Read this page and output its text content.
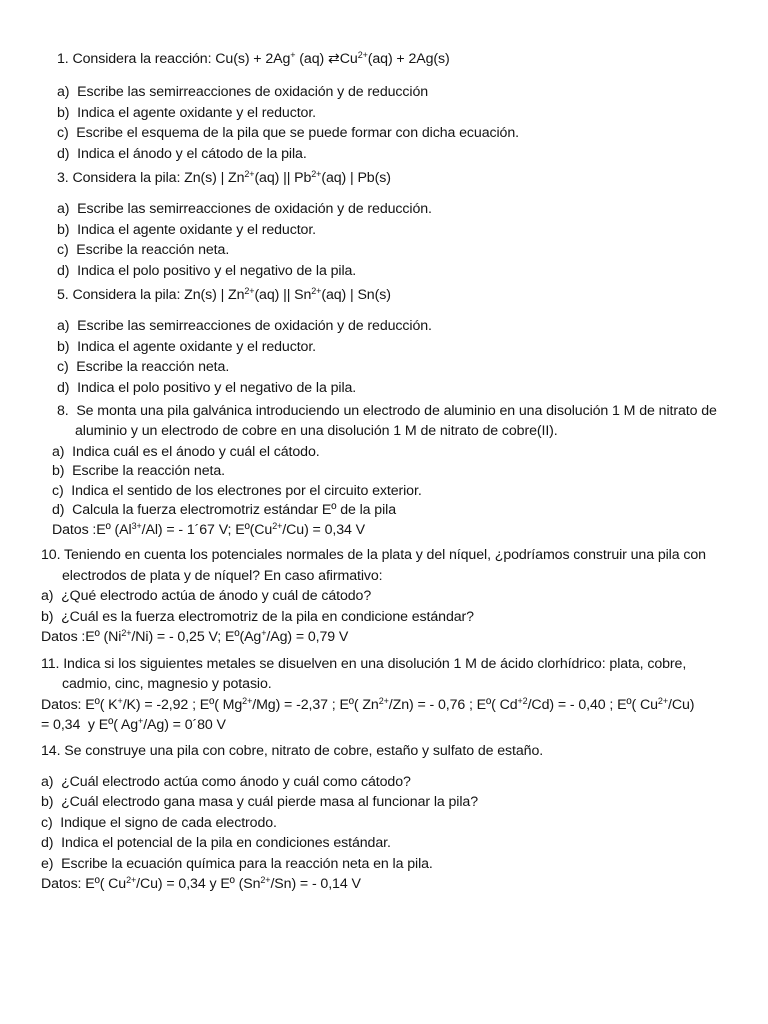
1. Considera la reacción: Cu(s) + 2Ag+ (aq) $⇄Cu^{2+}(aq) + 2Ag(s)$
a)  Escribe las semirreacciones de oxidación y de reducción
b)  Indica el agente oxidante y el reductor.
c)  Escribe el esquema de la pila que se puede formar con dicha ecuación.
d)  Indica el ánodo y el cátodo de la pila.
3. Considera la pila: Zn(s) | $Zn^{2+}(aq)$ || $Pb^{2+}(aq)$ | Pb(s)
a)  Escribe las semirreacciones de oxidación y de reducción.
b)  Indica el agente oxidante y el reductor.
c)  Escribe la reacción neta.
d)  Indica el polo positivo y el negativo de la pila.
5. Considera la pila: Zn(s) | $Zn^{2+}(aq)$ || $Sn^{2+}(aq)$ | Sn(s)
a)  Escribe las semirreacciones de oxidación y de reducción.
b)  Indica el agente oxidante y el reductor.
c)  Escribe la reacción neta.
d)  Indica el polo positivo y el negativo de la pila.
8.  Se monta una pila galvánica introduciendo un electrodo de aluminio en una disolución 1 M de nitrato de
aluminio y un electrodo de cobre en una disolución 1 M de nitrato de cobre(II).
a)  Indica cuál es el ánodo y cuál el cátodo.
b)  Escribe la reacción neta.
c)  Indica el sentido de los electrones por el circuito exterior.
d)  Calcula la fuerza electromotriz estándar Eº de la pila
Datos :Eº $(Al^{3+}/Al)$ = - 1´67 V; $Eº(Cu^{2+}/Cu) = 0,34$ V
10. Teniendo en cuenta los potenciales normales de la plata y del níquel, ¿podríamos construir una pila con
electrodos de plata y de níquel? En caso afirmativo:
a)  ¿Qué electrodo actúa de ánodo y cuál de cátodo?
b)  ¿Cuál es la fuerza electromotriz de la pila en condicione estándar?
Datos :Eº $(Ni^{2+}/Ni)$ = - 0,25 V; Eº(Ag+/Ag) = 0,79 V
11. Indica si los siguientes metales se disuelven en una disolución 1 M de ácido clorhídrico: plata, cobre,
cadmio, cinc, magnesio y potasio.
Datos: Eº( K+/K) = -2,92 ; Eº( $Mg^{2+}/Mg) = -2,37$ ; Eº( $Zn^{2+}/Zn$) = - 0,76 ; Eº( $Cd^{+2}/Cd$) = - 0,40 ; Eº( $Cu^{2+}/Cu$)
= 0,34  y Eº( Ag+/Ag) = 0´80 V
14. Se construye una pila con cobre, nitrato de cobre, estaño y sulfato de estaño.
a)  ¿Cuál electrodo actúa como ánodo y cuál como cátodo?
b)  ¿Cuál electrodo gana masa y cuál pierde masa al funcionar la pila?
c)  Indique el signo de cada electrodo.
d)  Indica el potencial de la pila en condiciones estándar.
e)  Escribe la ecuación química para la reacción neta en la pila.
Datos: Eº( $Cu^{2+}/Cu) = 0,34$ y Eº $(Sn^{2+}/Sn)$ = - 0,14 V
